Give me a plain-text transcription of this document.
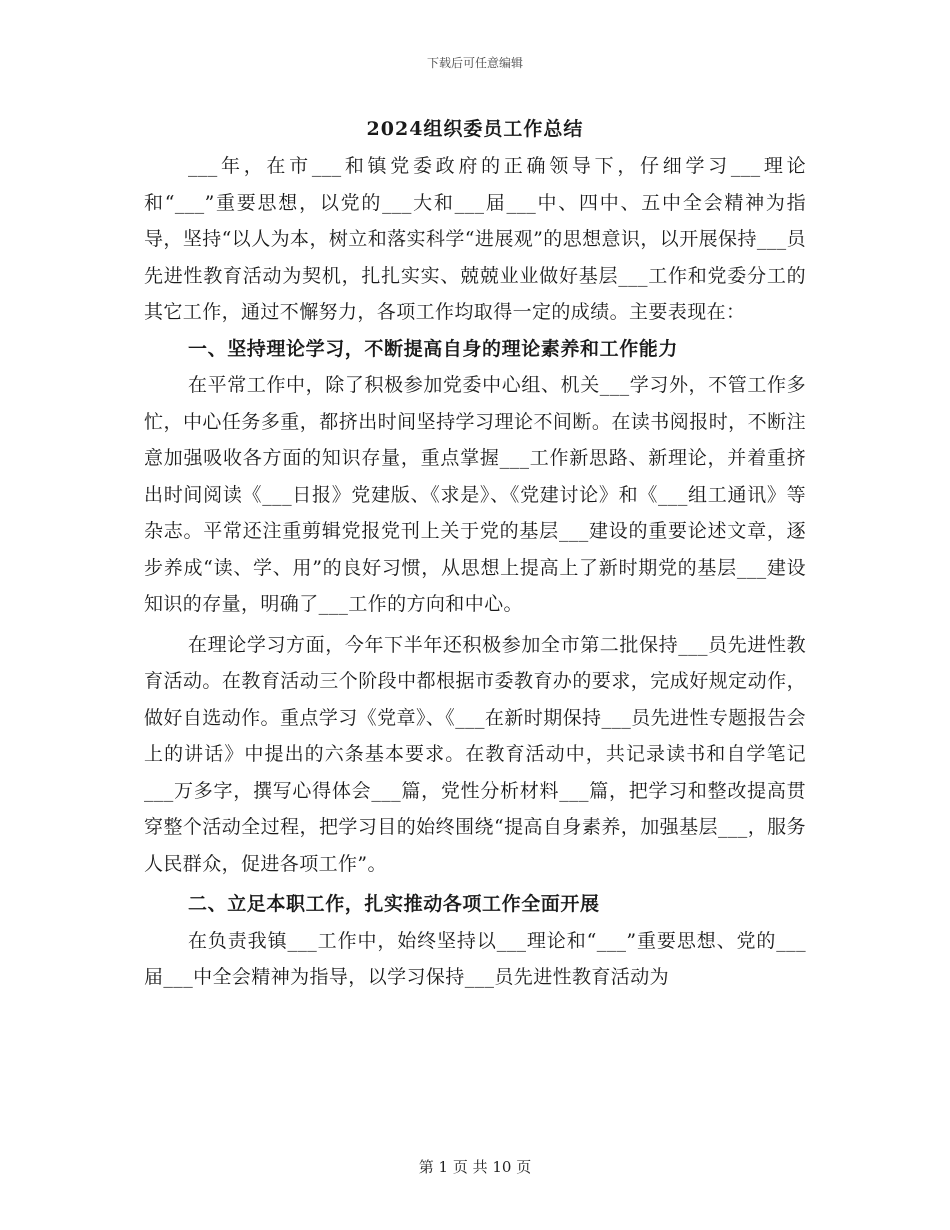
下载后可任意编辑
2024组织委员工作总结

___年，在市___和镇党委政府的正确领导下，仔细学习___理论和“___”重要思想，以党的___大和___届___中、四中、五中全会精神为指导，坚持“以人为本，树立和落实科学“进展观”的思想意识，以开展保持___员先进性教育活动为契机，扎扎实实、兢兢业业做好基层___工作和党委分工的其它工作，通过不懈努力，各项工作均取得一定的成绩。主要表现在：

一、坚持理论学习，不断提高自身的理论素养和工作能力

在平常工作中，除了积极参加党委中心组、机关___学习外，不管工作多忙，中心任务多重，都挤出时间坚持学习理论不间断。在读书阅报时，不断注意加强吸收各方面的知识存量，重点掌握___工作新思路、新理论，并着重挤出时间阅读《___日报》党建版、《求是》、《党建讨论》和《___组工通讯》等杂志。平常还注重剪辑党报党刊上关于党的基层___建设的重要论述文章，逐步养成“读、学、用”的良好习惯，从思想上提高上了新时期党的基层___建设知识的存量，明确了___工作的方向和中心。

在理论学习方面，今年下半年还积极参加全市第二批保持___员先进性教育活动。在教育活动三个阶段中都根据市委教育办的要求，完成好规定动作，做好自选动作。重点学习《党章》、《___在新时期保持___员先进性专题报告会上的讲话》中提出的六条基本要求。在教育活动中，共记录读书和自学笔记___万多字，撰写心得体会___篇，党性分析材料___篇，把学习和整改提高贯穿整个活动全过程，把学习目的始终围绕“提高自身素养，加强基层___，服务人民群众，促进各项工作”。

二、立足本职工作，扎实推动各项工作全面开展

在负责我镇___工作中，始终坚持以___理论和“___”重要思想、党的___届___中全会精神为指导，以学习保持___员先进性教育活动为

第 1 页 共 10 页
